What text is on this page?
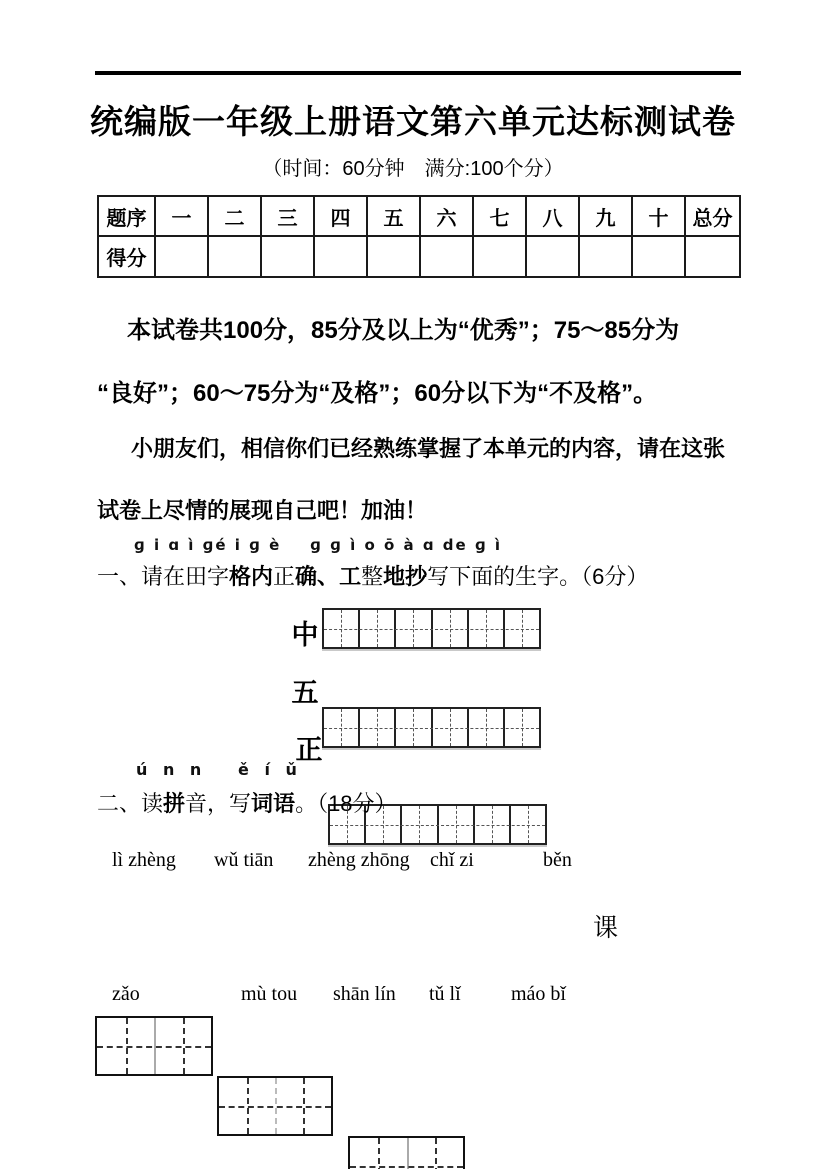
统编版一年级上册语文第六单元达标测试卷
（时间：60分钟　满分:100个分）
题序	一	二	三	四	五	六	七	八	九	十	总分
得分											
本试卷共100分，85分及以上为“优秀”；75～85分为
“良好”；60～75分为“及格”；60分以下为“不及格”。
小朋友们，相信你们已经熟练掌握了本单元的内容，请在这张
试卷上尽情的展现自己吧！加油！
ɡ i ɑ ì ɡé i ɡ è    ɡ ɡ ì o ō à ɑ de ɡ ì
一、请在田字格内正确、工整地抄写下面的生字。（6分）
中
五
正
ú n n   ě í ǔ
二、读拼音，写词语。（18分）
lì zhèng wǔ tiān zhèng zhōng chǐ zi	běn
课
zǎo	mù tou shān lín tǔ lǐ	máo bǐ
